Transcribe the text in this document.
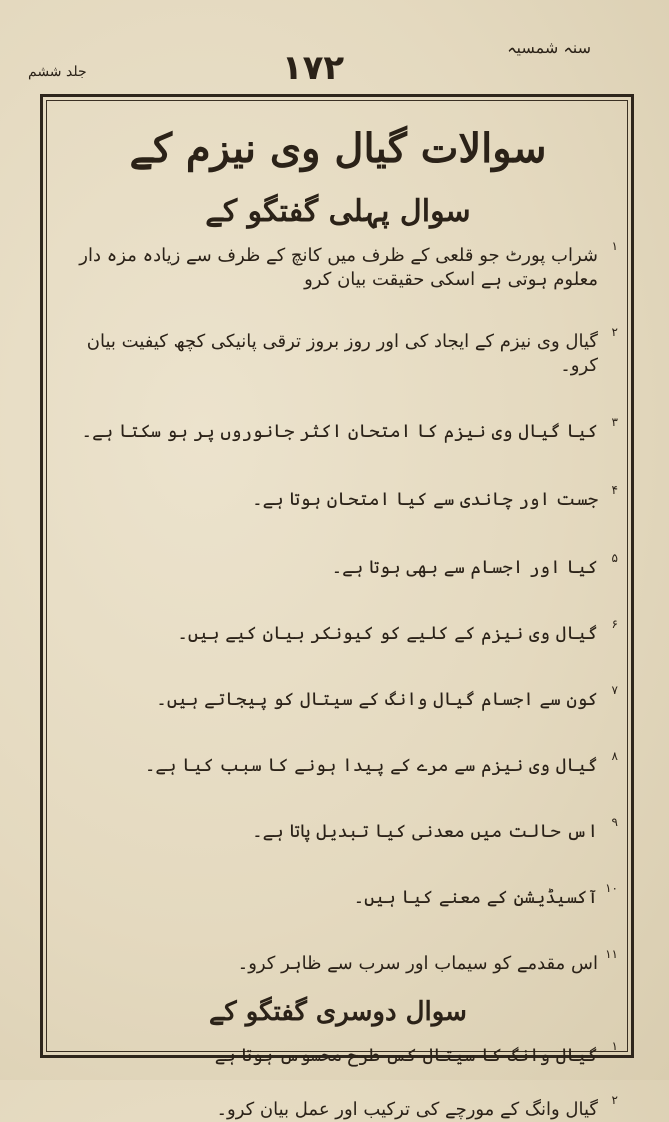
سنہ شمسیہ
۱۷۲
جلد ششم
سوالات گیال وی نیزم کے
سوال پہلی گفتگو کے
۱
شراب پورٹ جو قلعی کے ظرف میں کانچ کے ظرف سے زیادہ مزہ دار معلوم ہوتی ہے اسکی حقیقت بیان کرو
۲
گیال وی نیزم کے ایجاد کی اور روز بروز ترقی پانیکی کچھ کیفیت بیان کرو۔
۳
کیا گیال وی نیزم کا امتحان اکثر جانوروں پر ہو سکتا ہے۔
۴
جست اور چاندی سے کیا امتحان ہوتا ہے۔
۵
کیا اور اجسام سے بھی ہوتا ہے۔
۶
گیال وی نیزم کے کلیے کو کیونکر بیان کیے ہیں۔
۷
کون سے اجسام گیال وانگ کے سیتال کو پیجاتے ہیں۔
۸
گیال وی نیزم سے مرے کے پیدا ہونے کا سبب کیا ہے۔
۹
اس حالت میں معدنی کیا تبدیل پاتا ہے۔
۱۰
آکسیڈیشن کے معنے کیا ہیں۔
۱۱
اس مقدمے کو سیماب اور سرب سے ظاہر کرو۔
سوال دوسری گفتگو کے
۱
گیال وانگ کا سیتال کس طرح محسوس ہوتا ہے
۲
گیال وانگ کے مورچے کی ترکیب اور عمل بیان کرو۔
